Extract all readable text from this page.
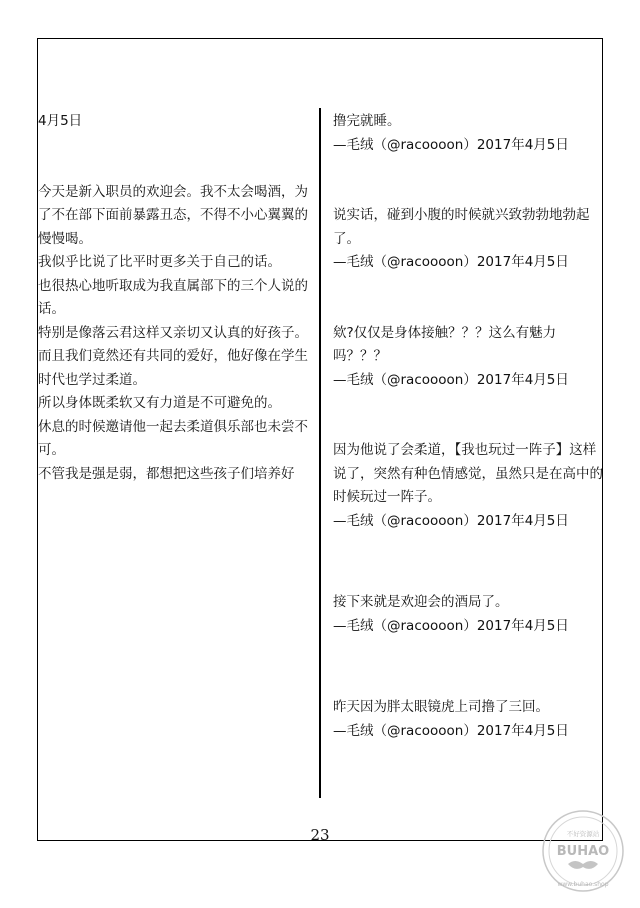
4月5日

今天是新入职员的欢迎会。我不太会喝酒，为了不在部下面前暴露丑态，不得不小心翼翼的慢慢喝。

我似乎比说了比平时更多关于自己的话。

也很热心地听取成为我直属部下的三个人说的话。

特别是像落云君这样又亲切又认真的好孩子。

而且我们竟然还有共同的爱好，他好像在学生时代也学过柔道。

所以身体既柔软又有力道是不可避免的。

休息的时候邀请他一起去柔道俱乐部也未尝不可。

不管我是强是弱，都想把这些孩子们培养好

撸完就睡。

—毛绒（@racoooon）2017年4月5日

说实话，碰到小腹的时候就兴致勃勃地勃起了。

—毛绒（@racoooon）2017年4月5日

欸?仅仅是身体接触？？？这么有魅力吗？？？

—毛绒（@racoooon）2017年4月5日

因为他说了会柔道，【我也玩过一阵子】这样说了，突然有种色情感觉，虽然只是在高中的时候玩过一阵子。

—毛绒（@racoooon）2017年4月5日

接下来就是欢迎会的酒局了。

—毛绒（@racoooon）2017年4月5日

昨天因为胖太眼镜虎上司撸了三回。

—毛绒（@racoooon）2017年4月5日

23	不好资源站
BUHAO
www.buhao.shop
